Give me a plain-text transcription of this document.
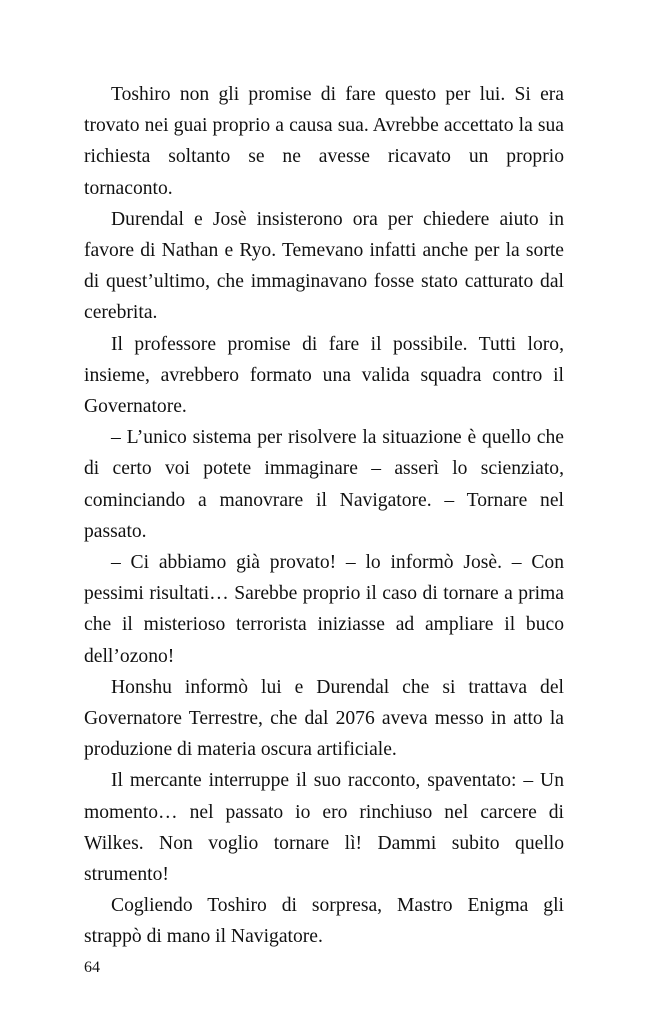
Toshiro non gli promise di fare questo per lui. Si era trovato nei guai proprio a causa sua. Avrebbe accettato la sua richiesta soltanto se ne avesse ricavato un proprio tornaconto.

Durendal e Josè insisterono ora per chiedere aiuto in favore di Nathan e Ryo. Temevano infatti anche per la sorte di quest’ultimo, che immaginavano fosse stato catturato dal cerebrita.

Il professore promise di fare il possibile. Tutti loro, insieme, avrebbero formato una valida squadra contro il Governatore.

– L’unico sistema per risolvere la situazione è quello che di certo voi potete immaginare – asserì lo scienziato, cominciando a manovrare il Navigatore. – Tornare nel passato.

– Ci abbiamo già provato! – lo informò Josè. – Con pessimi risultati… Sarebbe proprio il caso di tornare a prima che il misterioso terrorista iniziasse ad ampliare il buco dell’ozono!

Honshu informò lui e Durendal che si trattava del Governatore Terrestre, che dal 2076 aveva messo in atto la produzione di materia oscura artificiale.

Il mercante interruppe il suo racconto, spaventato: – Un momento… nel passato io ero rinchiuso nel carcere di Wilkes. Non voglio tornare lì! Dammi subito quello strumento!

Cogliendo Toshiro di sorpresa, Mastro Enigma gli strappò di mano il Navigatore.

64
